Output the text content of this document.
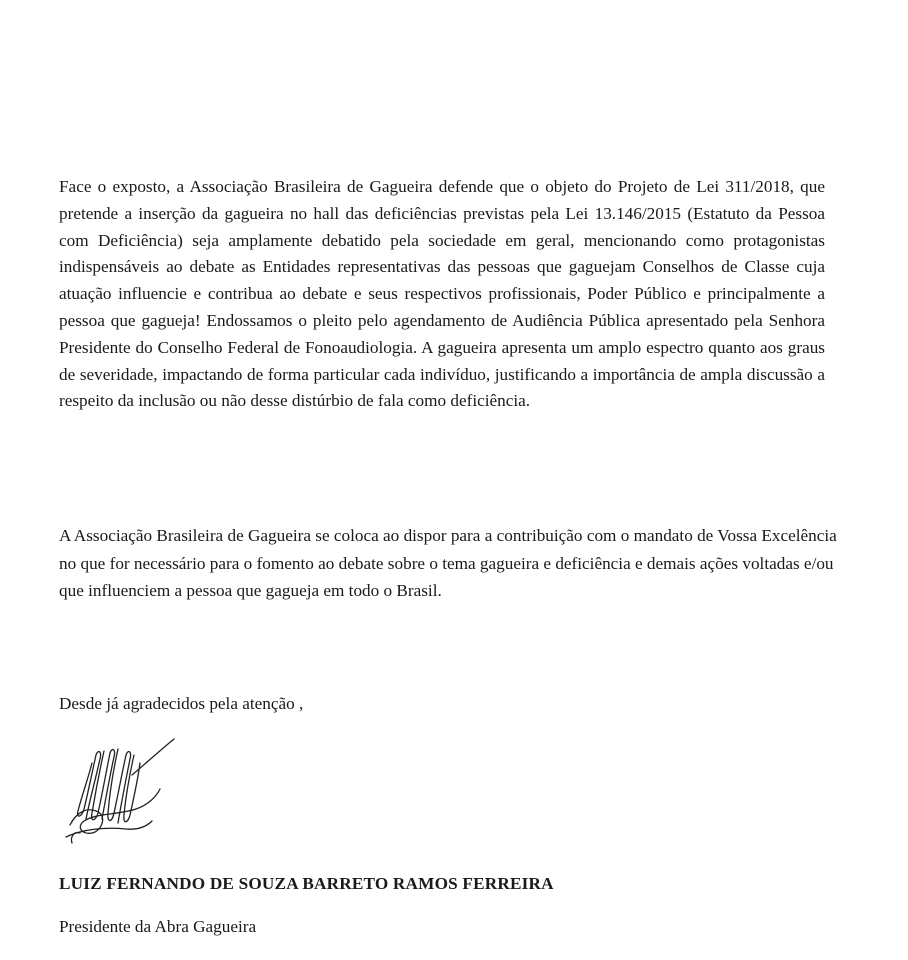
Face o exposto, a Associação Brasileira de Gagueira defende que o objeto do Projeto de Lei 311/2018, que pretende a inserção da gagueira no hall das deficiências previstas pela Lei 13.146/2015 (Estatuto da Pessoa com Deficiência) seja amplamente debatido pela sociedade em geral, mencionando como protagonistas indispensáveis ao debate as Entidades representativas das pessoas que gaguejam Conselhos de Classe cuja atuação influencie e contribua ao debate e seus respectivos profissionais, Poder Público e principalmente a pessoa que gagueja! Endossamos o pleito pelo agendamento de Audiência Pública apresentado pela Senhora Presidente do Conselho Federal de Fonoaudiologia. A gagueira apresenta um amplo espectro quanto aos graus de severidade, impactando de forma particular cada indivíduo, justificando a importância de ampla discussão a respeito da inclusão ou não desse distúrbio de fala como deficiência.

A Associação Brasileira de Gagueira se coloca ao dispor para a contribuição com o mandato de Vossa Excelência no que for necessário para o fomento ao debate sobre o tema gagueira e deficiência e demais ações voltadas e/ou que influenciem a pessoa que gagueja em todo o Brasil.

Desde já agradecidos pela atenção ,

LUIZ FERNANDO DE SOUZA BARRETO RAMOS FERREIRA

Presidente da Abra Gagueira
